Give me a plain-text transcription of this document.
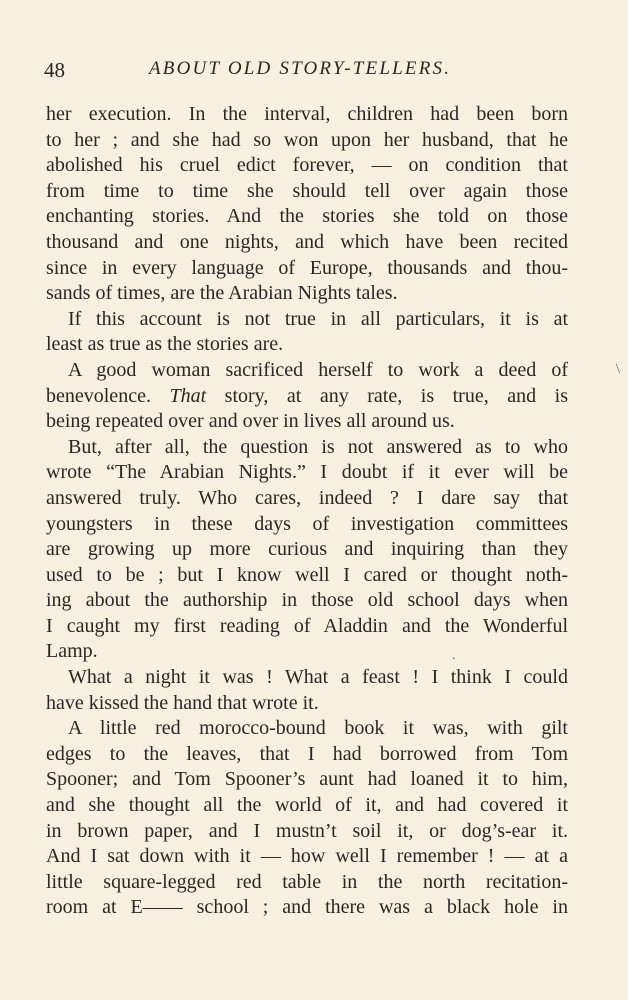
48	ABOUT OLD STORY-TELLERS.
her execution. In the interval, children had been born
to her ; and she had so won upon her husband, that he
abolished his cruel edict forever, — on condition that
from time to time she should tell over again those
enchanting stories. And the stories she told on those
thousand and one nights, and which have been recited
since in every language of Europe, thousands and thou-
sands of times, are the Arabian Nights tales.
If this account is not true in all particulars, it is at
least as true as the stories are.
A good woman sacrificed herself to work a deed of
benevolence. That story, at any rate, is true, and is
being repeated over and over in lives all around us.
But, after all, the question is not answered as to who
wrote “The Arabian Nights.” I doubt if it ever will be
answered truly. Who cares, indeed ? I dare say that
youngsters in these days of investigation committees
are growing up more curious and inquiring than they
used to be ; but I know well I cared or thought noth-
ing about the authorship in those old school days when
I caught my first reading of Aladdin and the Wonderful
Lamp.
What a night it was ! What a feast ! I think I could
have kissed the hand that wrote it.
A little red morocco-bound book it was, with gilt
edges to the leaves, that I had borrowed from Tom
Spooner; and Tom Spooner’s aunt had loaned it to him,
and she thought all the world of it, and had covered it
in brown paper, and I mustn’t soil it, or dog’s-ear it.
And I sat down with it — how well I remember ! — at a
little square-legged red table in the north recitation-
room at E—— school ; and there was a black hole in
\
.
